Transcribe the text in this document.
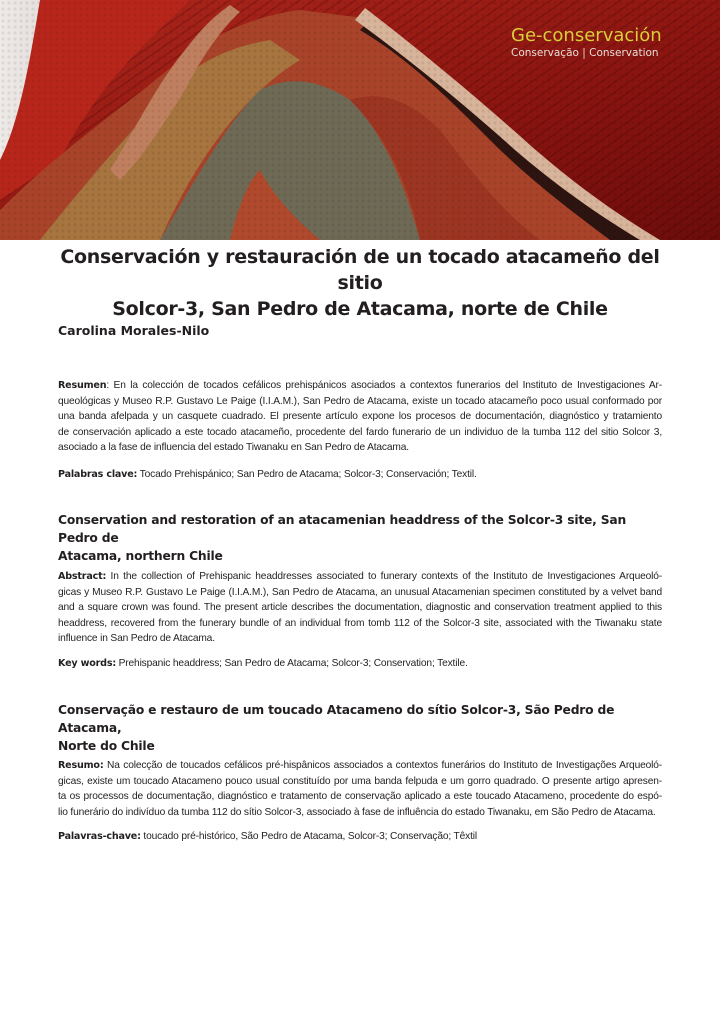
Ge-conservación
Conservação | Conservation
Conservación y restauración de un tocado atacameño del sitio
Solcor-3, San Pedro de Atacama, norte de Chile
Carolina Morales-Nilo
Resumen: En la colección de tocados cefálicos prehispánicos asociados a contextos funerarios del Instituto de Investigaciones Ar-
queológicas y Museo R.P. Gustavo Le Paige (I.I.A.M.), San Pedro de Atacama, existe un tocado atacameño poco usual conformado por
una banda afelpada y un casquete cuadrado. El presente artículo expone los procesos de documentación, diagnóstico y tratamiento
de conservación aplicado a este tocado atacameño, procedente del fardo funerario de un individuo de la tumba 112 del sitio Solcor 3,
asociado a la fase de influencia del estado Tiwanaku en San Pedro de Atacama.
Palabras clave: Tocado Prehispánico; San Pedro de Atacama; Solcor-3; Conservación; Textil.
Conservation and restoration of an atacamenian headdress of the Solcor-3 site, San Pedro de
Atacama, northern Chile
Abstract: In the collection of Prehispanic headdresses associated to funerary contexts of the Instituto de Investigaciones Arqueoló-
gicas y Museo R.P. Gustavo Le Paige (I.I.A.M.), San Pedro de Atacama, an unusual Atacamenian specimen constituted by a velvet band
and a square crown was found. The present article describes the documentation, diagnostic and conservation treatment applied to this
headdress, recovered from the funerary bundle of an individual from tomb 112 of the Solcor-3 site, associated with the Tiwanaku state
influence in San Pedro de Atacama.
Key words: Prehispanic headdress; San Pedro de Atacama; Solcor-3; Conservation; Textile.
Conservação e restauro de um toucado Atacameno do sítio Solcor-3, São Pedro de Atacama,
Norte do Chile
Resumo: Na colecção de toucados cefálicos pré-hispânicos associados a contextos funerários do Instituto de Investigações Arqueoló-
gicas, existe um toucado Atacameno pouco usual constituído por uma banda felpuda e um gorro quadrado. O presente artigo apresen-
ta os processos de documentação, diagnóstico e tratamento de conservação aplicado a este toucado Atacameno, procedente do espó-
lio funerário do indivíduo da tumba 112 do sítio Solcor-3, associado à fase de influência do estado Tiwanaku, em São Pedro de Atacama.
Palavras-chave: toucado pré-histórico, São Pedro de Atacama, Solcor-3; Conservação; Têxtil
